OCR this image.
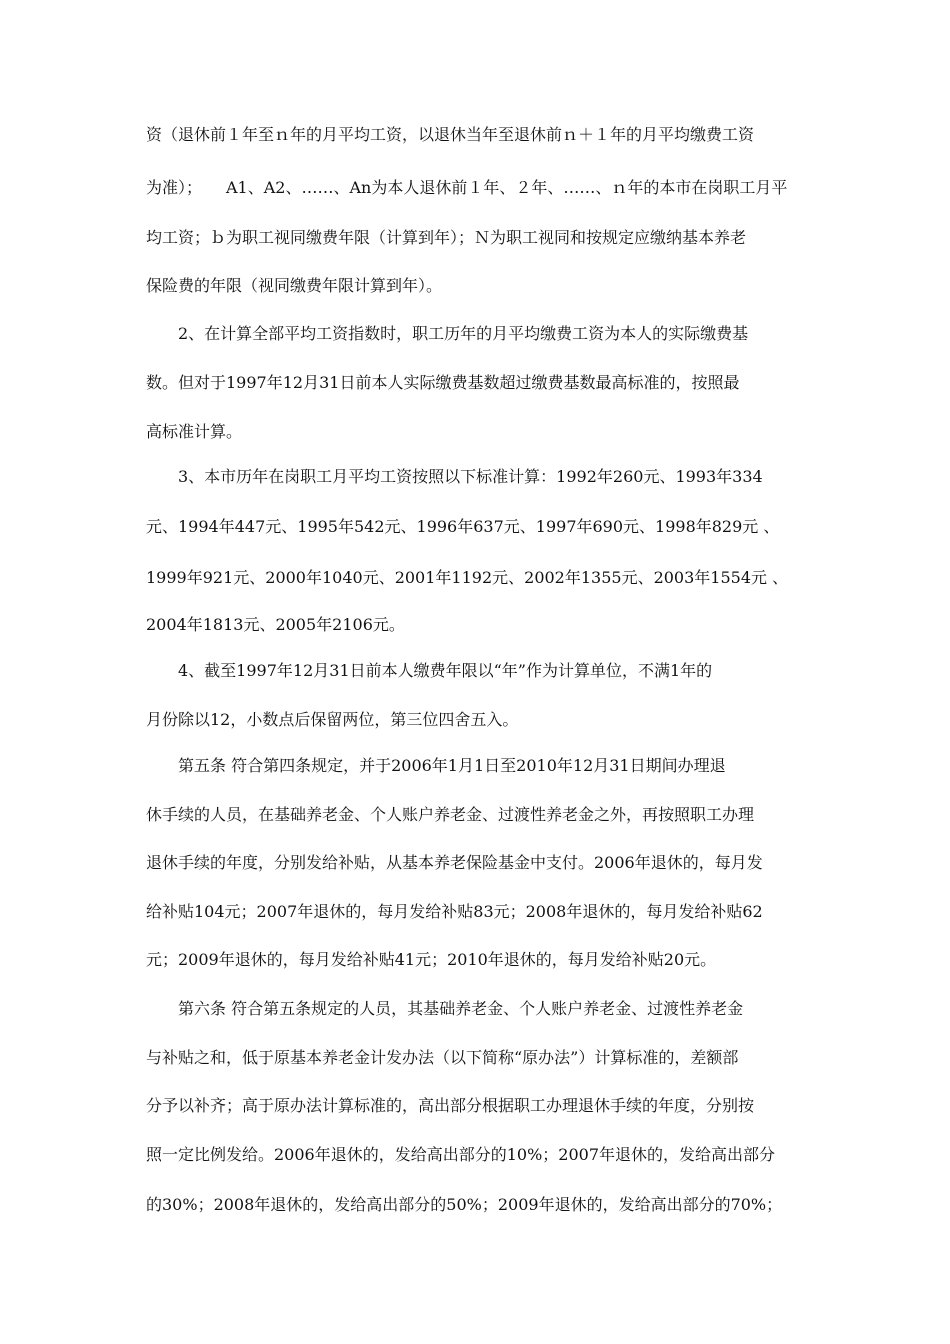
资（退休前１年至ｎ年的月平均工资，以退休当年至退休前ｎ＋１年的月平均缴费工资

为准）；　　A1、A2、……、An为本人退休前１年、２年、……、ｎ年的本市在岗职工月平

均工资；ｂ为职工视同缴费年限（计算到年）；Ｎ为职工视同和按规定应缴纳基本养老

保险费的年限（视同缴费年限计算到年）。

　　2、在计算全部平均工资指数时，职工历年的月平均缴费工资为本人的实际缴费基

数。但对于1997年12月31日前本人实际缴费基数超过缴费基数最高标准的，按照最

高标准计算。

　　3、本市历年在岗职工月平均工资按照以下标准计算：1992年260元、1993年334

元、1994年447元、1995年542元、1996年637元、1997年690元、1998年829元 、

1999年921元、2000年1040元、2001年1192元、2002年1355元、2003年1554元 、

2004年1813元、2005年2106元。

　　4、截至1997年12月31日前本人缴费年限以“年”作为计算单位，不满1年的

月份除以12，小数点后保留两位，第三位四舍五入。

　　第五条 符合第四条规定，并于2006年1月1日至2010年12月31日期间办理退

休手续的人员，在基础养老金、个人账户养老金、过渡性养老金之外，再按照职工办理

退休手续的年度，分别发给补贴，从基本养老保险基金中支付。2006年退休的，每月发

给补贴104元；2007年退休的，每月发给补贴83元；2008年退休的，每月发给补贴62

元；2009年退休的，每月发给补贴41元；2010年退休的，每月发给补贴20元。

　　第六条 符合第五条规定的人员，其基础养老金、个人账户养老金、过渡性养老金

与补贴之和，低于原基本养老金计发办法（以下简称“原办法”）计算标准的，差额部

分予以补齐；高于原办法计算标准的，高出部分根据职工办理退休手续的年度，分别按

照一定比例发给。2006年退休的，发给高出部分的10%；2007年退休的，发给高出部分

的30%；2008年退休的，发给高出部分的50%；2009年退休的，发给高出部分的70%；
